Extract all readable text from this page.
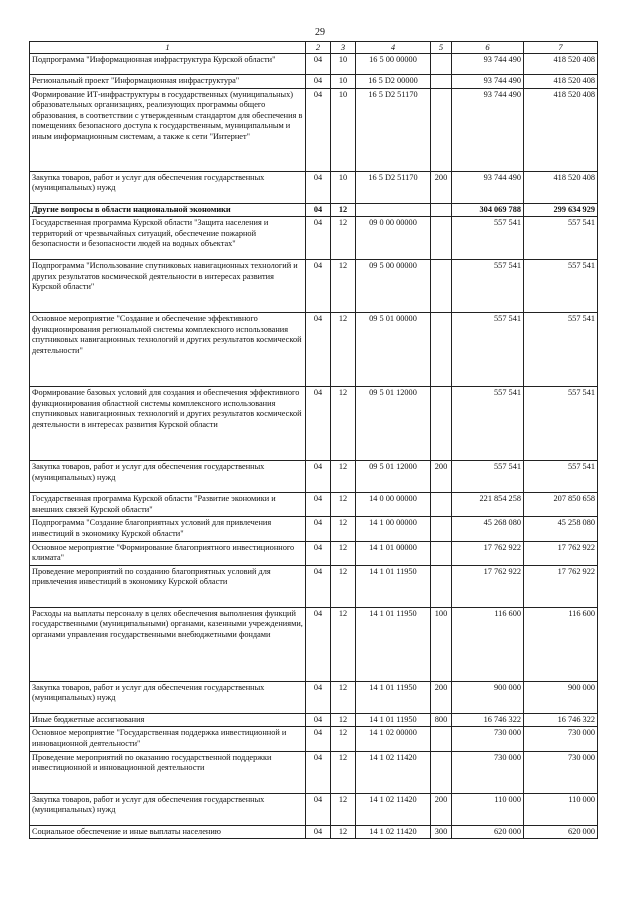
29
1	2	3	4	5	6	7
Подпрограмма "Информационная инфраструктура Курской области"	04	10	16 5 00 00000		93 744 490	418 520 408
Региональный проект "Информационная инфраструктура"	04	10	16 5 D2 00000		93 744 490	418 520 408
Формирование ИТ-инфраструктуры в государственных (муниципальных) образовательных организациях, реализующих программы общего образования, в соответствии с утвержденным стандартом для обеспечения в помещениях безопасного доступа к государственным, муниципальным и иным информационным системам, а также к сети "Интернет"	04	10	16 5 D2 51170		93 744 490	418 520 408
Закупка товаров, работ и услуг для обеспечения государственных (муниципальных) нужд	04	10	16 5 D2 51170	200	93 744 490	418 520 408
Другие вопросы в области национальной экономики	04	12			304 069 788	299 634 929
Государственная программа Курской области "Защита населения и территорий от чрезвычайных ситуаций, обеспечение пожарной безопасности и безопасности людей на водных объектах"	04	12	09 0 00 00000		557 541	557 541
Подпрограмма "Использование спутниковых навигационных технологий и других результатов космической деятельности в интересах развития Курской области"	04	12	09 5 00 00000		557 541	557 541
Основное мероприятие "Создание и обеспечение эффективного функционирования региональной системы комплексного использования спутниковых навигационных технологий и других результатов космической деятельности"	04	12	09 5 01 00000		557 541	557 541
Формирование базовых условий для создания и обеспечения эффективного функционирования областной системы комплексного использования спутниковых навигационных технологий и других результатов космической деятельности в интересах развития Курской области	04	12	09 5 01 12000		557 541	557 541
Закупка товаров, работ и услуг для обеспечения государственных (муниципальных) нужд	04	12	09 5 01 12000	200	557 541	557 541
Государственная программа Курской области "Развитие экономики и внешних связей Курской области"	04	12	14 0 00 00000		221 854 258	207 850 658
Подпрограмма "Создание благоприятных условий для привлечения инвестиций в экономику Курской области"	04	12	14 1 00 00000		45 268 080	45 258 080
Основное мероприятие "Формирование благоприятного инвестиционного климата"	04	12	14 1 01 00000		17 762 922	17 762 922
Проведение мероприятий по созданию благоприятных условий для привлечения инвестиций в экономику Курской области	04	12	14 1 01 11950		17 762 922	17 762 922
Расходы на выплаты персоналу в целях обеспечения выполнения функций государственными (муниципальными) органами, казенными учреждениями, органами управления государственными внебюджетными фондами	04	12	14 1 01 11950	100	116 600	116 600
Закупка товаров, работ и услуг для обеспечения государственных (муниципальных) нужд	04	12	14 1 01 11950	200	900 000	900 000
Иные бюджетные ассигнования	04	12	14 1 01 11950	800	16 746 322	16 746 322
Основное мероприятие "Государственная поддержка инвестиционной и инновационной деятельности"	04	12	14 1 02 00000		730 000	730 000
Проведение мероприятий по оказанию государственной поддержки инвестиционной и инновационной деятельности	04	12	14 1 02 11420		730 000	730 000
Закупка товаров, работ и услуг для обеспечения государственных (муниципальных) нужд	04	12	14 1 02 11420	200	110 000	110 000
Социальное обеспечение и иные выплаты населению	04	12	14 1 02 11420	300	620 000	620 000
